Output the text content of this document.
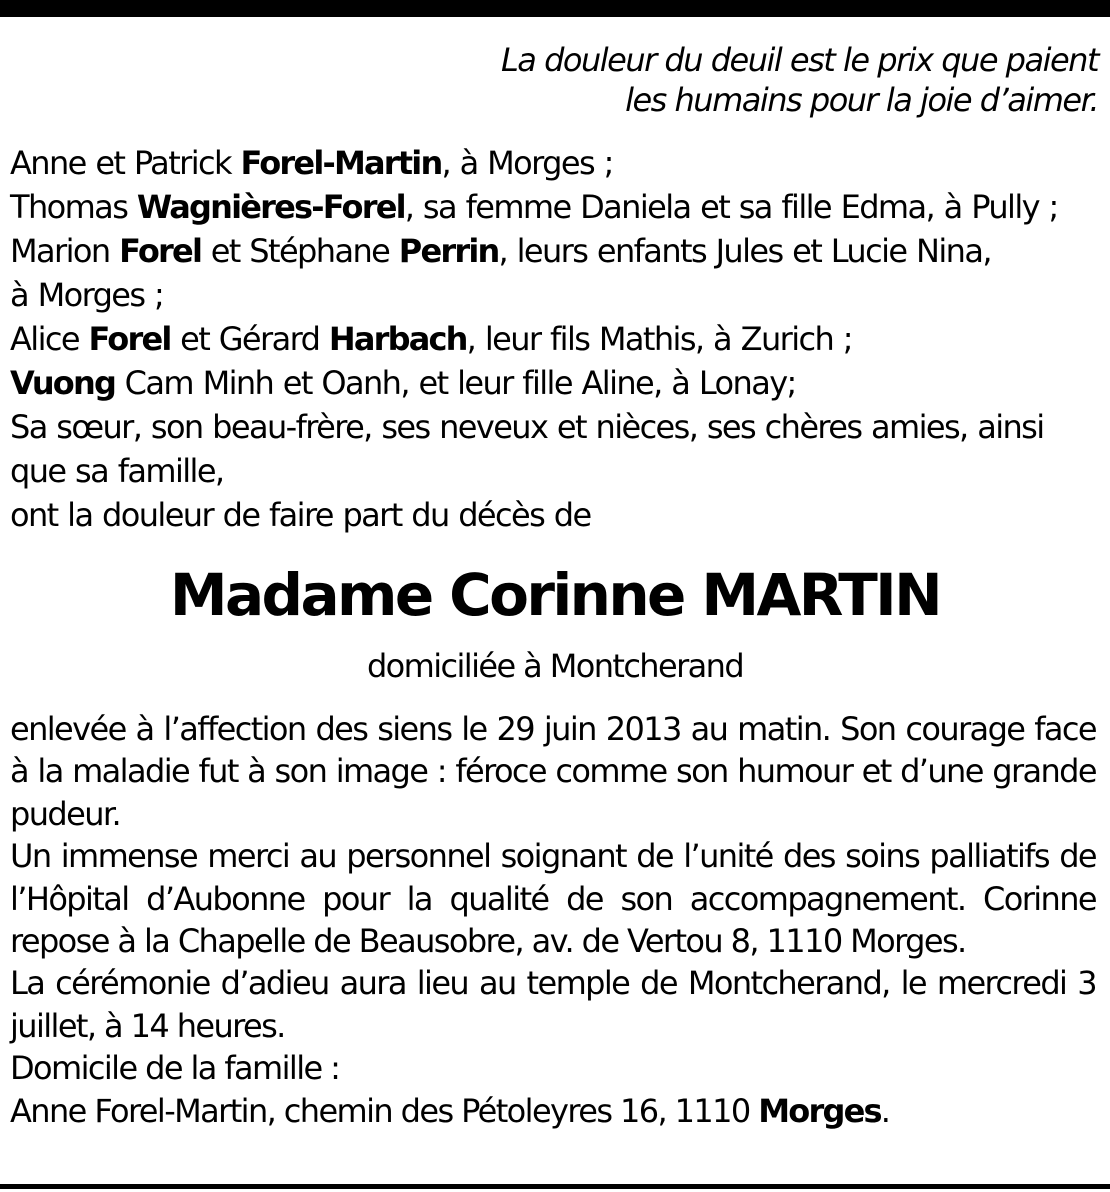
La douleur du deuil est le prix que paient
les humains pour la joie d’aimer.
Anne et Patrick Forel-Martin, à Morges ;
Thomas Wagnières-Forel, sa femme Daniela et sa fille Edma, à Pully ;
Marion Forel et Stéphane Perrin, leurs enfants Jules et Lucie Nina,
à Morges ;
Alice Forel et Gérard Harbach, leur fils Mathis, à Zurich ;
Vuong Cam Minh et Oanh, et leur fille Aline, à Lonay;
Sa sœur, son beau-frère, ses neveux et nièces, ses chères amies, ainsi
que sa famille,
ont la douleur de faire part du décès de
Madame Corinne MARTIN
domiciliée à Montcherand

enlevée à l’affection des siens le 29 juin 2013 au matin. Son courage face à la maladie fut à son image : féroce comme son humour et d’une grande pudeur.

Un immense merci au personnel soignant de l’unité des soins palliatifs de l’Hôpital d’Aubonne pour la qualité de son accompagnement. Corinne repose à la Chapelle de Beausobre, av. de Vertou 8, 1110 Morges.

La cérémonie d’adieu aura lieu au temple de Montcherand, le mercredi 3 juillet, à 14 heures.

Domicile de la famille :

Anne Forel-Martin, chemin des Pétoleyres 16, 1110 Morges.
